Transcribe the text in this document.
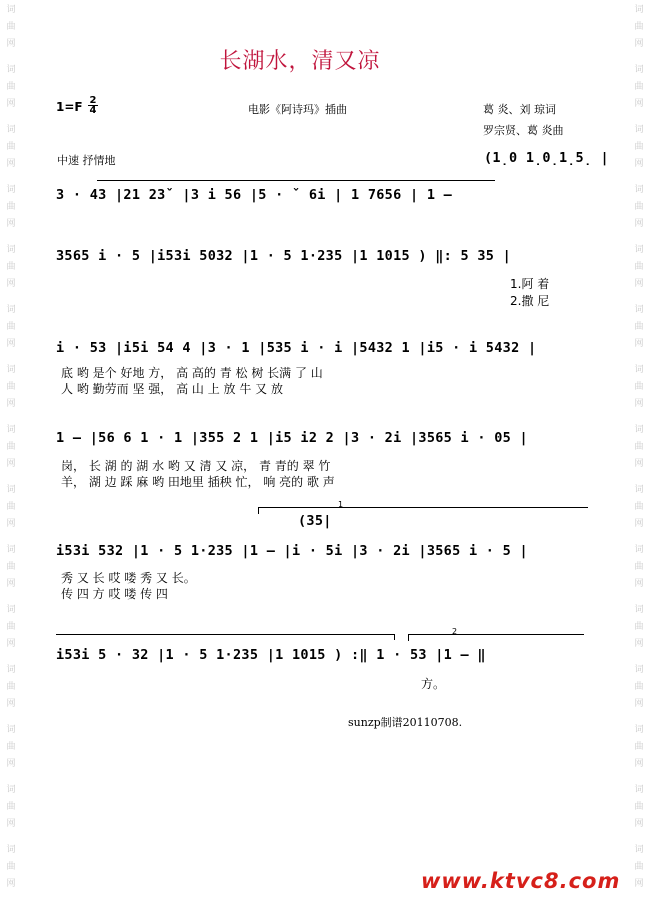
词
曲
网
词
曲
网
词
曲
网
词
曲
网
词
曲
网
词
曲
网
词
曲
网
词
曲
网
词
曲
网
词
曲
网
词
曲
网
词
曲
网
词
曲
网
词
曲
网
词
曲
网
词
曲
网
词
曲
网
词
曲
网
词
曲
网
词
曲
网
词
曲
网
词
曲
网
词
曲
网
词
曲
网
词
曲
网
词
曲
网
词
曲
网
词
曲
网
词
曲
网
词
曲
网
长湖水，清又凉
1=F 2
4	电影《阿诗玛》插曲	葛 炎、刘 琼词
罗宗贤、葛 炎曲
中速 抒情地	(1̣0 1̣0̣1̣5̣ |
3 · 43 |21 23ˇ |3 i 56 |5 · ˇ 6i | 1 7656 | 1 –
3565 i · 5 |i53i 5032 |1 · 5 1·235 |1 1015 ) ‖: 5 35 |
1.阿 着
2.撒 尼
i · 53 |i5i 54 4 |3 · 1 |535 i · i |5432 1 |i5 · i 5432 |
底 哟 是个 好地 方， 高 高的 青 松 树 长满 了 山
人 哟 勤劳而 坚 强， 高 山 上 放 牛 又 放
1 – |56 6 1 · 1 |355 2 1 |i5 i2 2 |3 · 2i |3565 i · 05 |
岗， 长 湖 的 湖 水 哟 又 清 又 凉， 青 青的 翠 竹
羊， 湖 边 踩 麻 哟 田地里 插秧 忙， 响 亮的 歌 声
1
(35|
i53i 532 |1 · 5 1·235 |1 – |i · 5i |3 · 2i |3565 i · 5 |
秀 又 长 哎 喽 秀 又 长。
传 四 方 哎 喽 传 四
2
i53i 5 · 32 |1 · 5 1·235 |1 1015 ) :‖ 1 · 53 |1 – ‖
方。
sunzp制谱20110708.
www.ktvc8.com
